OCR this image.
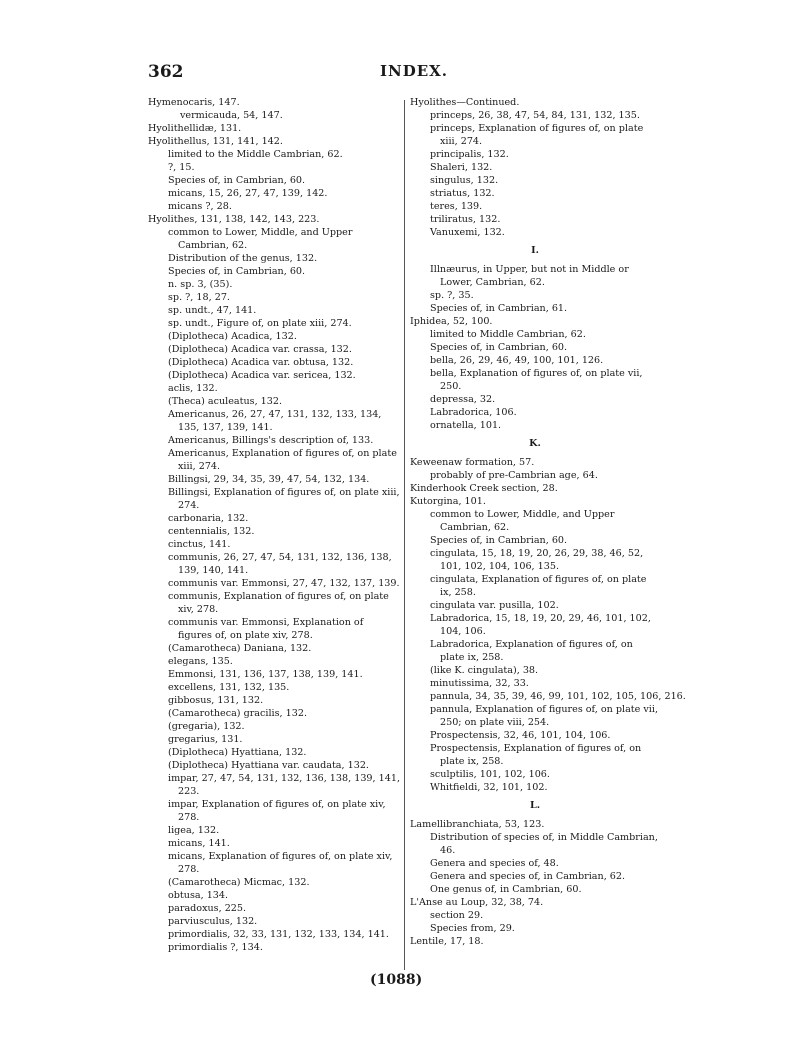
362	INDEX.
Hymenocaris, 147.
vermicauda, 54, 147.
Hyolithellidæ, 131.
Hyolithellus, 131, 141, 142.
limited to the Middle Cambrian, 62.
?, 15.
Species of, in Cambrian, 60.
micans, 15, 26, 27, 47, 139, 142.
micans ?, 28.
Hyolithes, 131, 138, 142, 143, 223.
common to Lower, Middle, and Upper Cambrian, 62.
Distribution of the genus, 132.
Species of, in Cambrian, 60.
n. sp. 3, (35).
sp. ?, 18, 27.
sp. undt., 47, 141.
sp. undt., Figure of, on plate xiii, 274.
(Diplotheca) Acadica, 132.
(Diplotheca) Acadica var. crassa, 132.
(Diplotheca) Acadica var. obtusa, 132.
(Diplotheca) Acadica var. sericea, 132.
aclis, 132.
(Theca) aculeatus, 132.
Americanus, 26, 27, 47, 131, 132, 133, 134, 135, 137, 139, 141.
Americanus, Billings's description of, 133.
Americanus, Explanation of figures of, on plate xiii, 274.
Billingsi, 29, 34, 35, 39, 47, 54, 132, 134.
Billingsi, Explanation of figures of, on plate xiii, 274.
carbonaria, 132.
centennialis, 132.
cinctus, 141.
communis, 26, 27, 47, 54, 131, 132, 136, 138, 139, 140, 141.
communis var. Emmonsi, 27, 47, 132, 137, 139.
communis, Explanation of figures of, on plate xiv, 278.
communis var. Emmonsi, Explanation of figures of, on plate xiv, 278.
(Camarotheca) Daniana, 132.
elegans, 135.
Emmonsi, 131, 136, 137, 138, 139, 141.
excellens, 131, 132, 135.
gibbosus, 131, 132.
(Camarotheca) gracilis, 132.
(gregaria), 132.
gregarius, 131.
(Diplotheca) Hyattiana, 132.
(Diplotheca) Hyattiana var. caudata, 132.
impar, 27, 47, 54, 131, 132, 136, 138, 139, 141, 223.
impar, Explanation of figures of, on plate xiv, 278.
ligea, 132.
micans, 141.
micans, Explanation of figures of, on plate xiv, 278.
(Camarotheca) Micmac, 132.
obtusa, 134.
paradoxus, 225.
parviusculus, 132.
primordialis, 32, 33, 131, 132, 133, 134, 141.
primordialis ?, 134.
Hyolithes—Continued.
princeps, 26, 38, 47, 54, 84, 131, 132, 135.
princeps, Explanation of figures of, on plate xiii, 274.
principalis, 132.
Shaleri, 132.
singulus, 132.
striatus, 132.
teres, 139.
triliratus, 132.
Vanuxemi, 132.
I.
Illnæurus, in Upper, but not in Middle or Lower, Cambrian, 62.
sp. ?, 35.
Species of, in Cambrian, 61.
Iphidea, 52, 100.
limited to Middle Cambrian, 62.
Species of, in Cambrian, 60.
bella, 26, 29, 46, 49, 100, 101, 126.
bella, Explanation of figures of, on plate vii, 250.
depressa, 32.
Labradorica, 106.
ornatella, 101.
K.
Keweenaw formation, 57.
probably of pre-Cambrian age, 64.
Kinderhook Creek section, 28.
Kutorgina, 101.
common to Lower, Middle, and Upper Cambrian, 62.
Species of, in Cambrian, 60.
cingulata, 15, 18, 19, 20, 26, 29, 38, 46, 52, 101, 102, 104, 106, 135.
cingulata, Explanation of figures of, on plate ix, 258.
cingulata var. pusilla, 102.
Labradorica, 15, 18, 19, 20, 29, 46, 101, 102, 104, 106.
Labradorica, Explanation of figures of, on plate ix, 258.
(like K. cingulata), 38.
minutissima, 32, 33.
pannula, 34, 35, 39, 46, 99, 101, 102, 105, 106, 216.
pannula, Explanation of figures of, on plate vii, 250; on plate viii, 254.
Prospectensis, 32, 46, 101, 104, 106.
Prospectensis, Explanation of figures of, on plate ix, 258.
sculptilis, 101, 102, 106.
Whitfieldi, 32, 101, 102.
L.
Lamellibranchiata, 53, 123.
Distribution of species of, in Middle Cambrian, 46.
Genera and species of, 48.
Genera and species of, in Cambrian, 62.
One genus of, in Cambrian, 60.
L'Anse au Loup, 32, 38, 74.
section 29.
Species from, 29.
Lentile, 17, 18.
(1088)
